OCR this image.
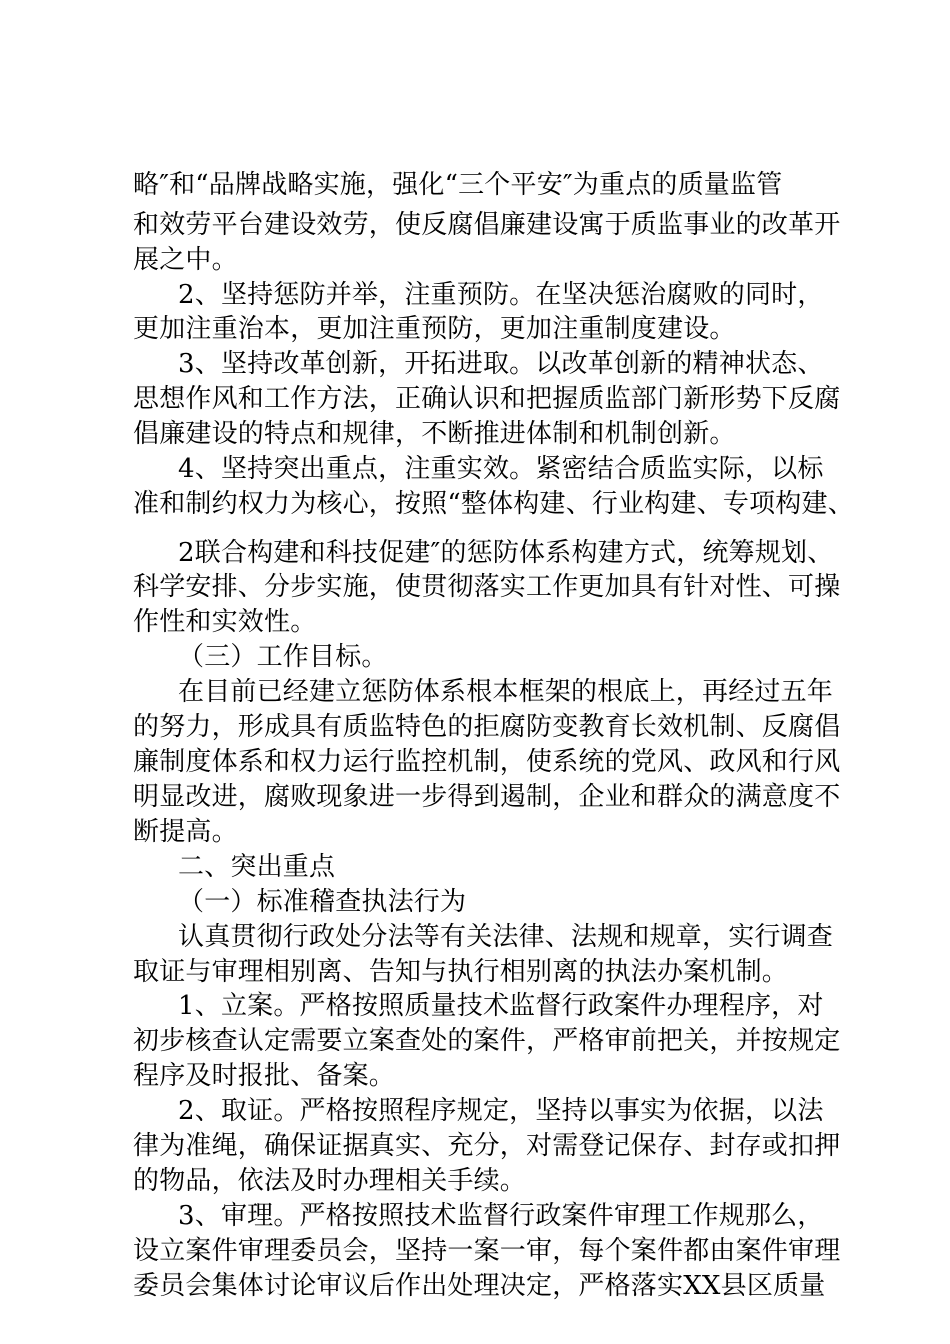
略″和“品牌战略实施，强化“三个平安″为重点的质量监管
和效劳平台建设效劳，使反腐倡廉建设寓于质监事业的改革开
展之中。
2、坚持惩防并举，注重预防。在坚决惩治腐败的同时，
更加注重治本，更加注重预防，更加注重制度建设。
3、坚持改革创新，开拓进取。以改革创新的精神状态、
思想作风和工作方法，正确认识和把握质监部门新形势下反腐
倡廉建设的特点和规律，不断推进体制和机制创新。
4、坚持突出重点，注重实效。紧密结合质监实际，以标
准和制约权力为核心，按照“整体构建、行业构建、专项构建、
2联合构建和科技促建″的惩防体系构建方式，统筹规划、
科学安排、分步实施，使贯彻落实工作更加具有针对性、可操
作性和实效性。
（三）工作目标。
在目前已经建立惩防体系根本框架的根底上，再经过五年
的努力，形成具有质监特色的拒腐防变教育长效机制、反腐倡
廉制度体系和权力运行监控机制，使系统的党风、政风和行风
明显改进，腐败现象进一步得到遏制，企业和群众的满意度不
断提高。
二、突出重点
（一）标准稽查执法行为
认真贯彻行政处分法等有关法律、法规和规章，实行调查
取证与审理相别离、告知与执行相别离的执法办案机制。
1、立案。严格按照质量技术监督行政案件办理程序，对
初步核查认定需要立案查处的案件，严格审前把关，并按规定
程序及时报批、备案。
2、取证。严格按照程序规定，坚持以事实为依据，以法
律为准绳，确保证据真实、充分，对需登记保存、封存或扣押
的物品，依法及时办理相关手续。
3、审理。严格按照技术监督行政案件审理工作规那么，
设立案件审理委员会，坚持一案一审，每个案件都由案件审理
委员会集体讨论审议后作出处理决定，严格落实XX县区质量
